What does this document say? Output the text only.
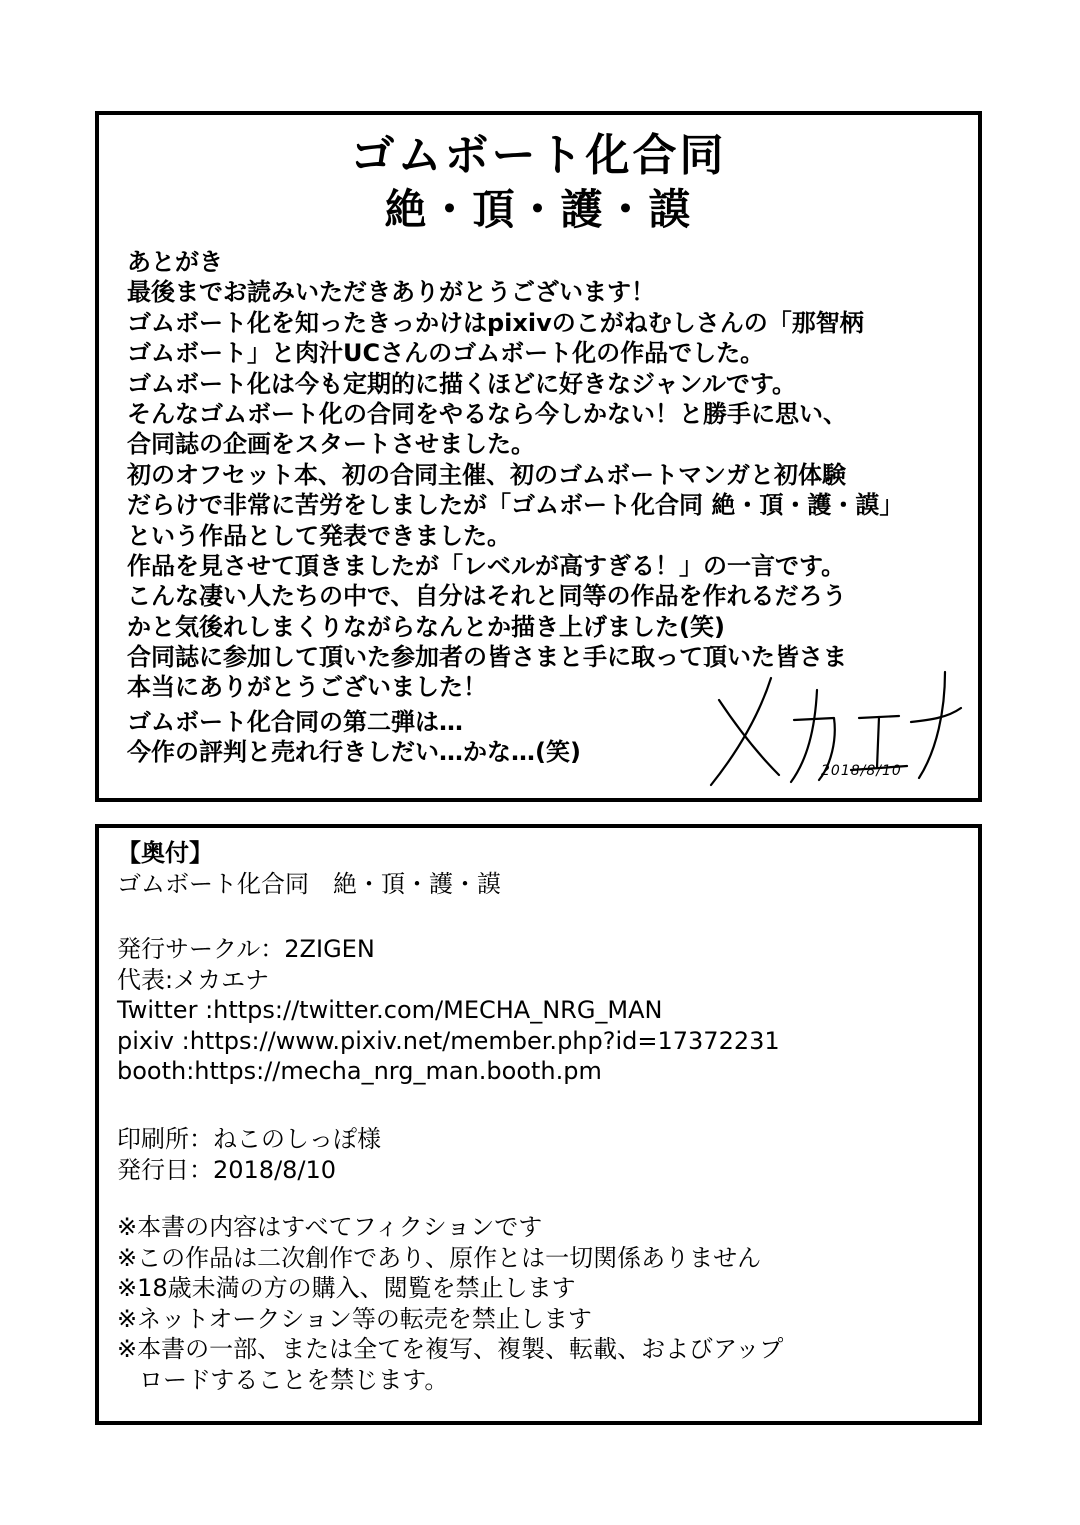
ゴムボート化合同
絶・頂・護・謨
あとがき
最後までお読みいただきありがとうございます！
ゴムボート化を知ったきっかけはpixivのこがねむしさんの「那智柄
ゴムボート」と肉汁UCさんのゴムボート化の作品でした。
ゴムボート化は今も定期的に描くほどに好きなジャンルです。
そんなゴムボート化の合同をやるなら今しかない！と勝手に思い、
合同誌の企画をスタートさせました。
初のオフセット本、初の合同主催、初のゴムボートマンガと初体験
だらけで非常に苦労をしましたが「ゴムボート化合同 絶・頂・護・謨」
という作品として発表できました。
作品を見させて頂きましたが「レベルが高すぎる！」の一言です。
こんな凄い人たちの中で、自分はそれと同等の作品を作れるだろう
かと気後れしまくりながらなんとか描き上げました(笑)
合同誌に参加して頂いた参加者の皆さまと手に取って頂いた皆さま
本当にありがとうございました！
ゴムボート化合同の第二弾は…
今作の評判と売れ行きしだい…かな…(笑)
2018/8/10
【奥付】
ゴムボート化合同　絶・頂・護・謨
発行サークル：2ZIGEN
代表:メカエナ
Twitter :https://twitter.com/MECHA_NRG_MAN
pixiv :https://www.pixiv.net/member.php?id=17372231
booth:https://mecha_nrg_man.booth.pm
印刷所：ねこのしっぽ様
発行日：2018/8/10
※本書の内容はすべてフィクションです
※この作品は二次創作であり、原作とは一切関係ありません
※18歳未満の方の購入、閲覧を禁止します
※ネットオークション等の転売を禁止します
※本書の一部、または全てを複写、複製、転載、およびアップ
ロードすることを禁じます。
